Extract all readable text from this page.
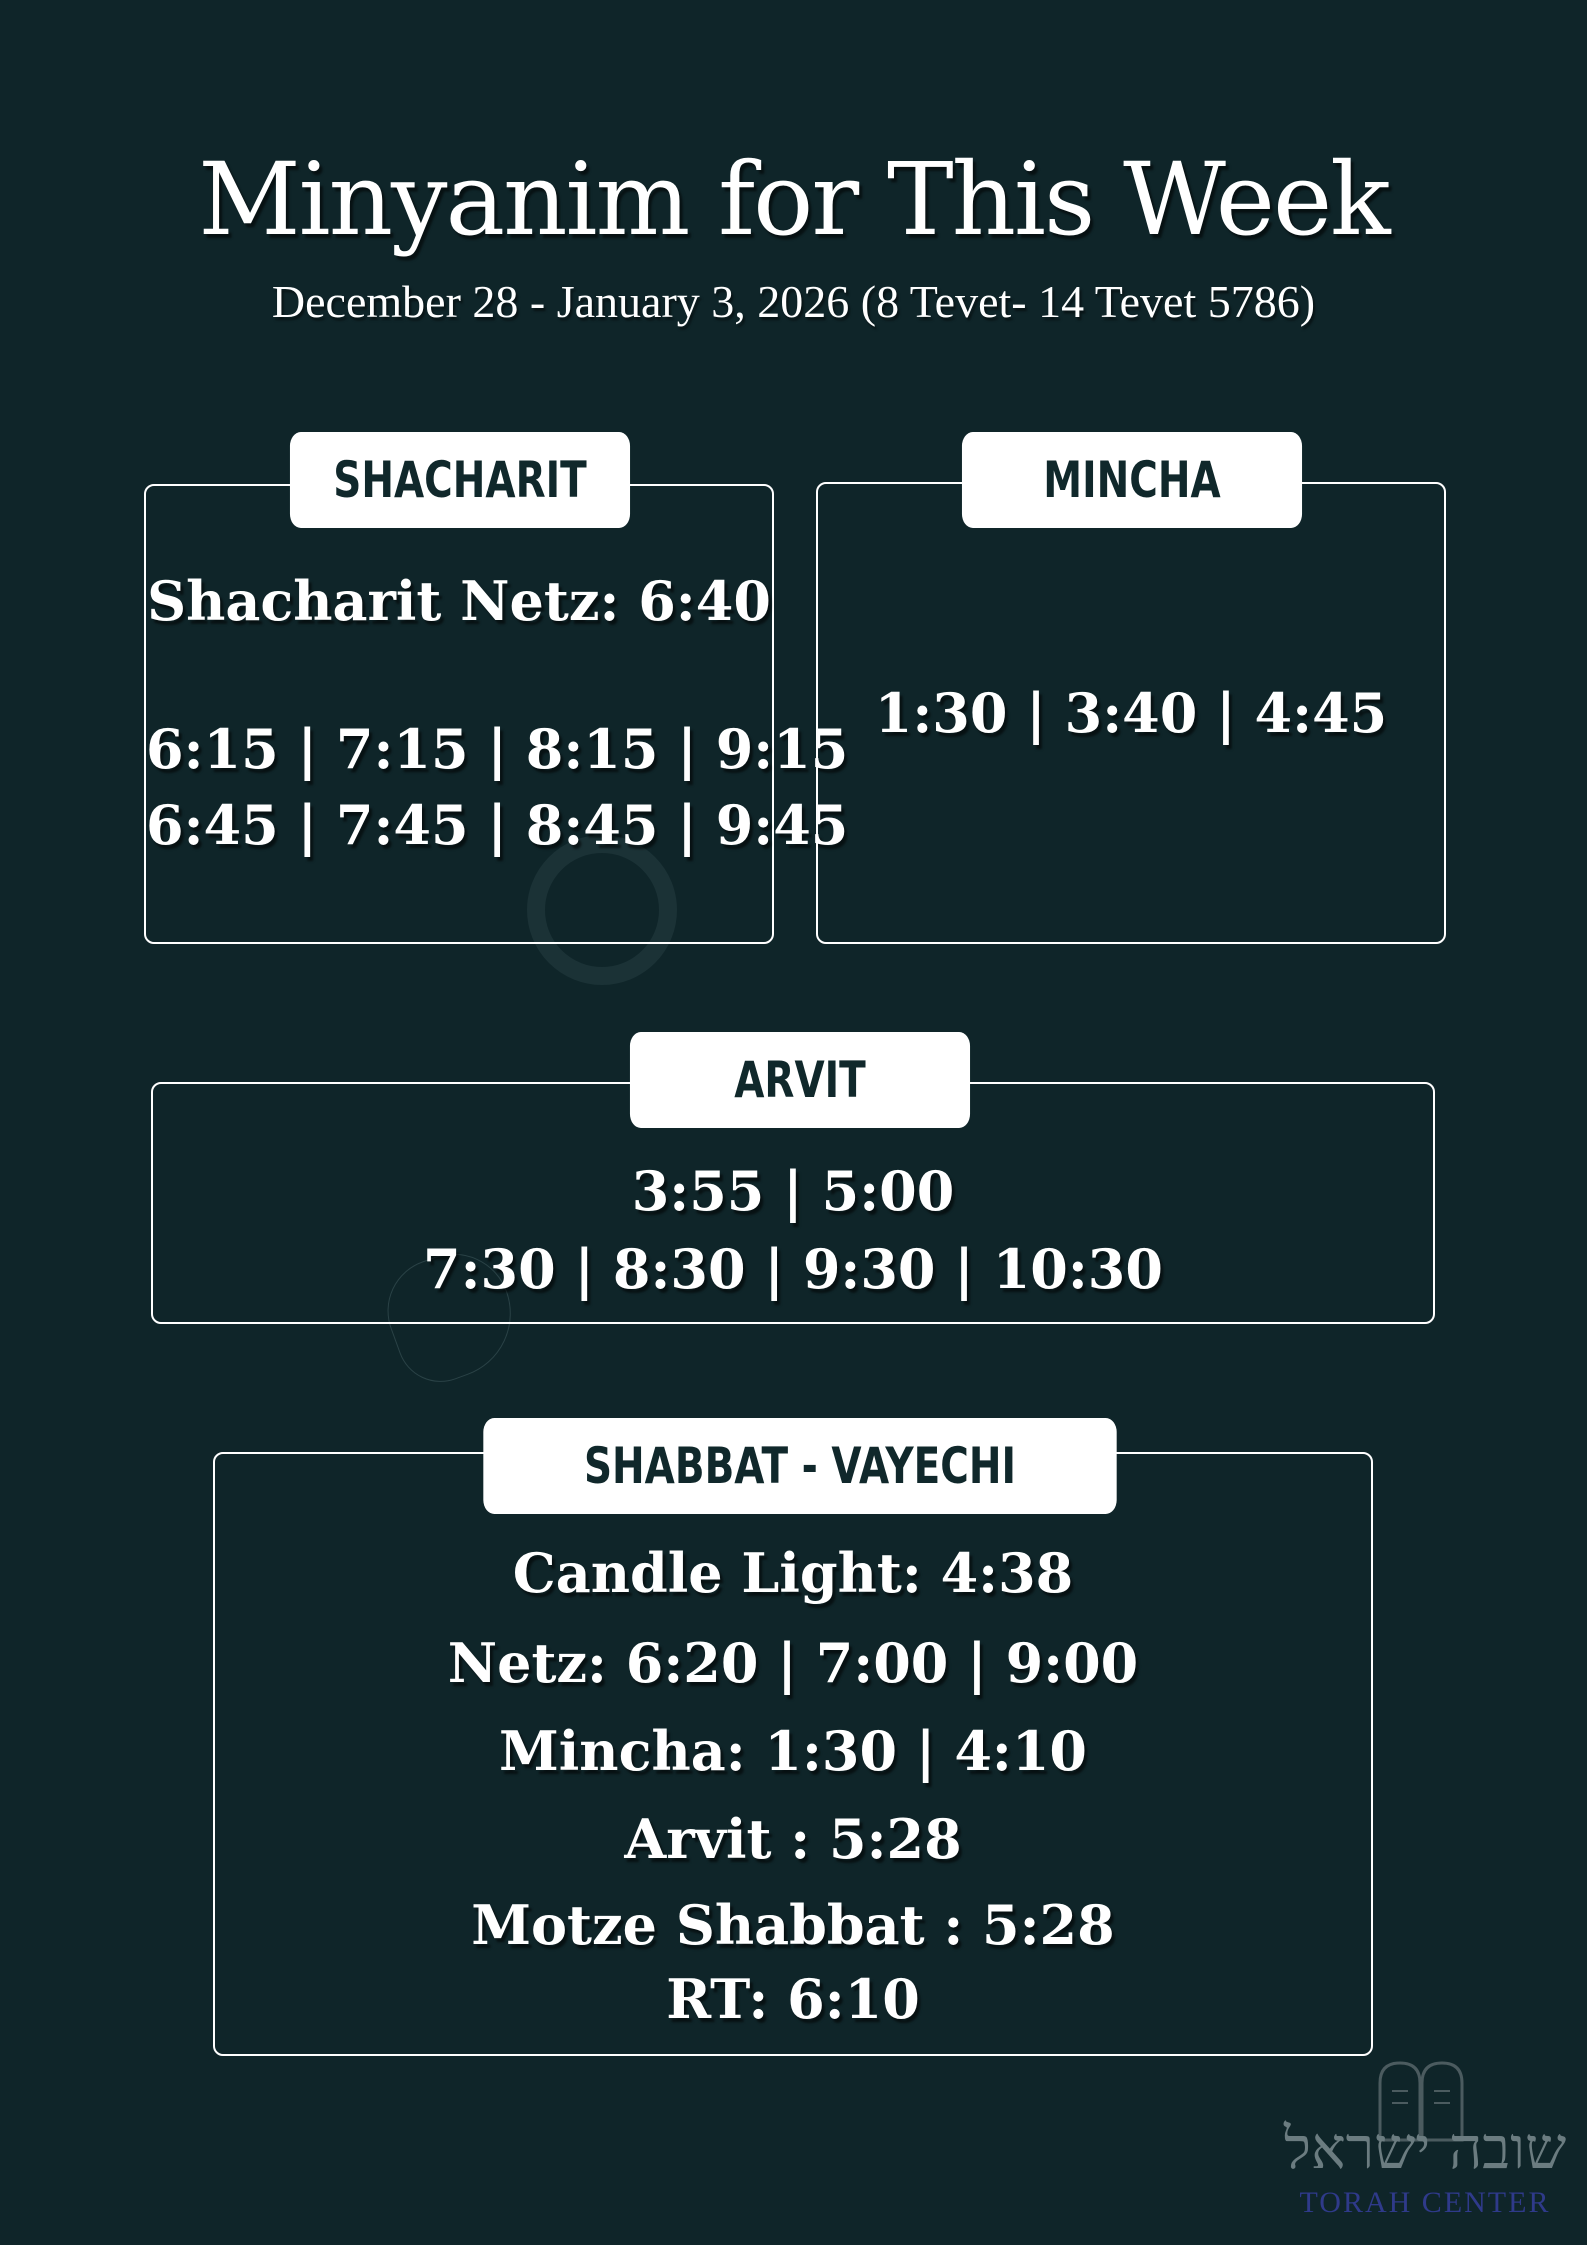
Minyanim for This Week
December 28 - January 3, 2026 (8 Tevet- 14 Tevet 5786)
Shacharit Netz: 6:40
6:15 | 7:15 | 8:15 | 9:15
6:45 | 7:45 | 8:45 | 9:45
SHACHARIT
1:30 | 3:40 | 4:45
MINCHA
3:55 | 5:00
7:30 | 8:30 | 9:30 | 10:30
ARVIT
Candle Light: 4:38
Netz: 6:20 | 7:00 | 9:00
Mincha: 1:30 | 4:10
Arvit : 5:28
Motze Shabbat : 5:28
RT: 6:10
SHABBAT - VAYECHI
שובה ישראל
TORAH CENTER
